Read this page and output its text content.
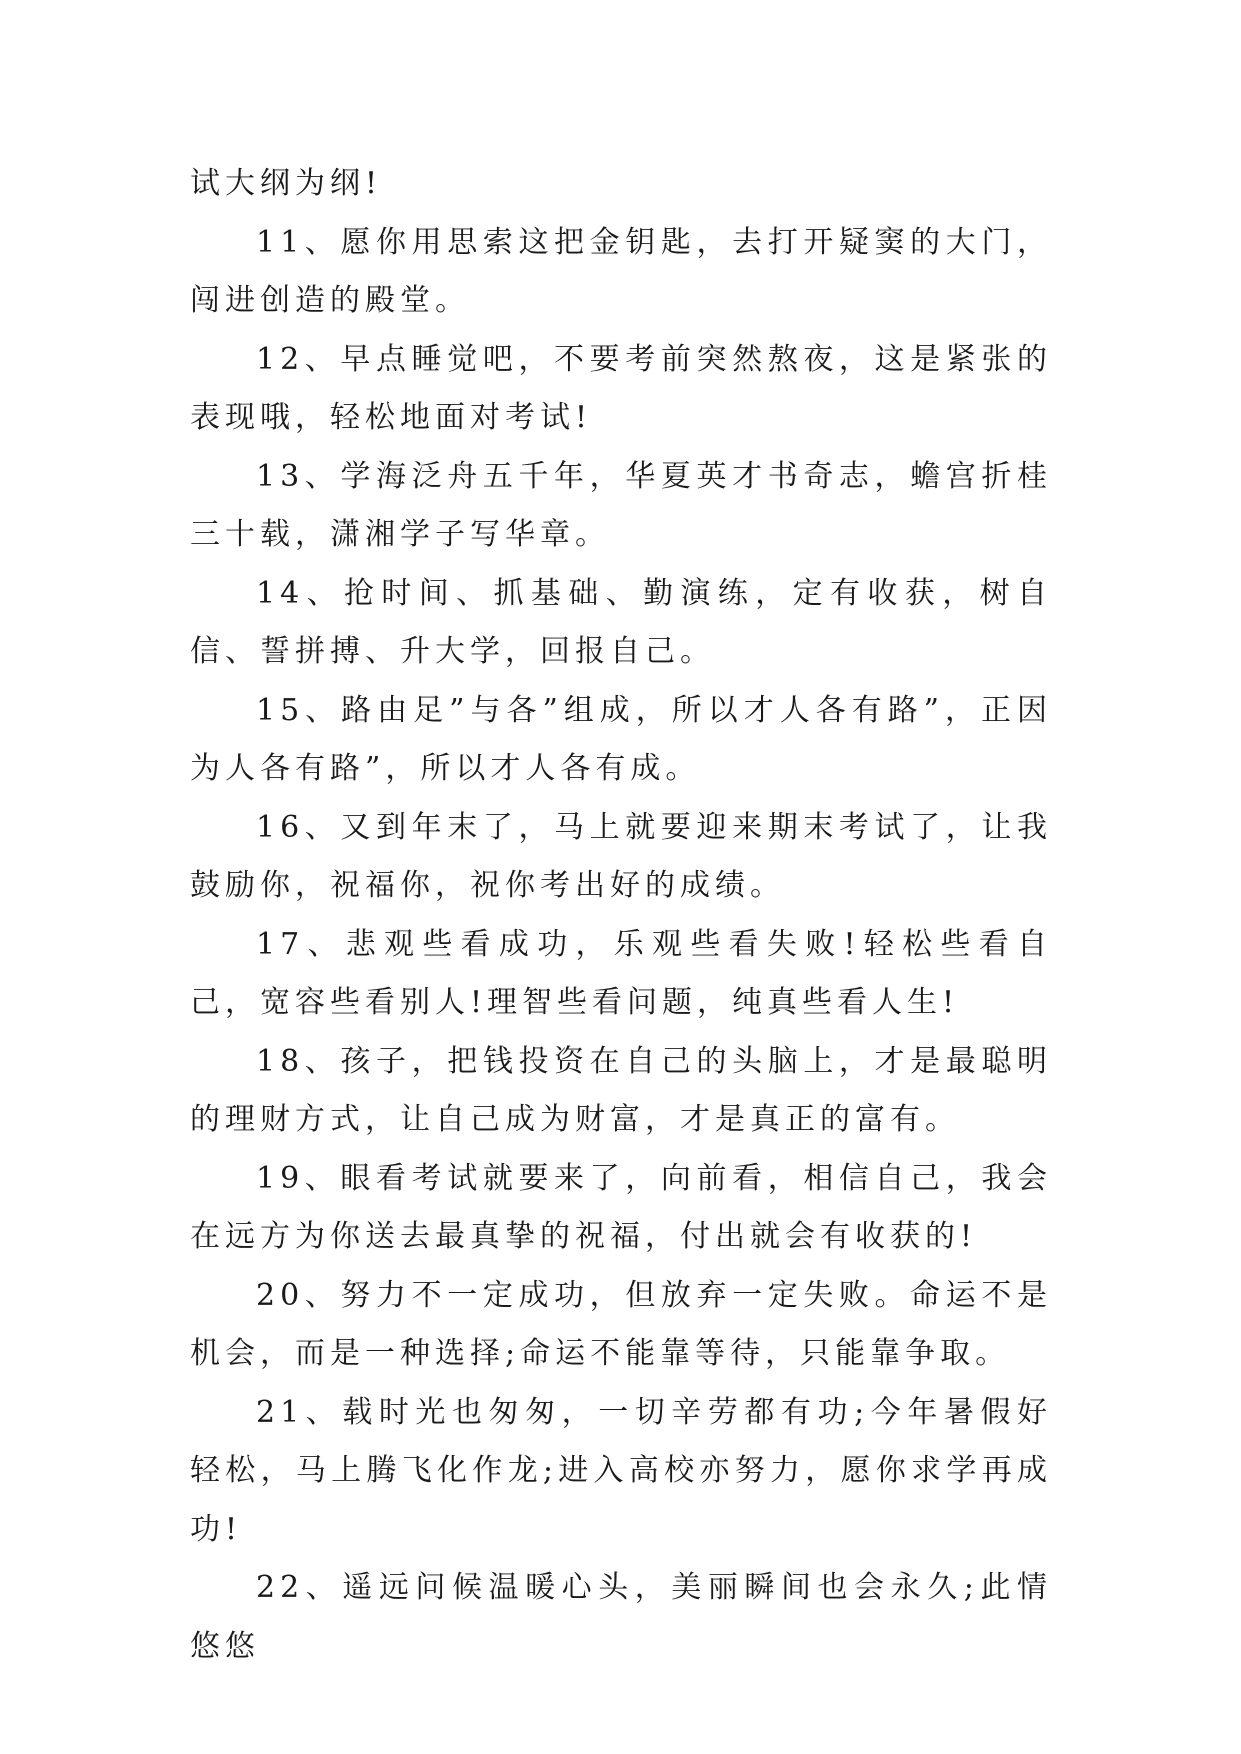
试大纲为纲!

11、愿你用思索这把金钥匙，去打开疑窦的大门，闯进创造的殿堂。

12、早点睡觉吧，不要考前突然熬夜，这是紧张的表现哦，轻松地面对考试!

13、学海泛舟五千年，华夏英才书奇志，蟾宫折桂三十载，潇湘学子写华章。

14、抢时间、抓基础、勤演练，定有收获，树自信、誓拼搏、升大学，回报自己。

15、路由足”与各”组成，所以才人各有路”，正因为人各有路”，所以才人各有成。

16、又到年末了，马上就要迎来期末考试了，让我鼓励你，祝福你，祝你考出好的成绩。

17、悲观些看成功，乐观些看失败!轻松些看自己，宽容些看别人!理智些看问题，纯真些看人生!

18、孩子，把钱投资在自己的头脑上，才是最聪明的理财方式，让自己成为财富，才是真正的富有。

19、眼看考试就要来了，向前看，相信自己，我会在远方为你送去最真挚的祝福，付出就会有收获的!

20、努力不一定成功，但放弃一定失败。命运不是机会，而是一种选择;命运不能靠等待，只能靠争取。

21、载时光也匆匆，一切辛劳都有功;今年暑假好轻松，马上腾飞化作龙;进入高校亦努力，愿你求学再成功!

22、遥远问候温暖心头，美丽瞬间也会永久;此情悠悠
